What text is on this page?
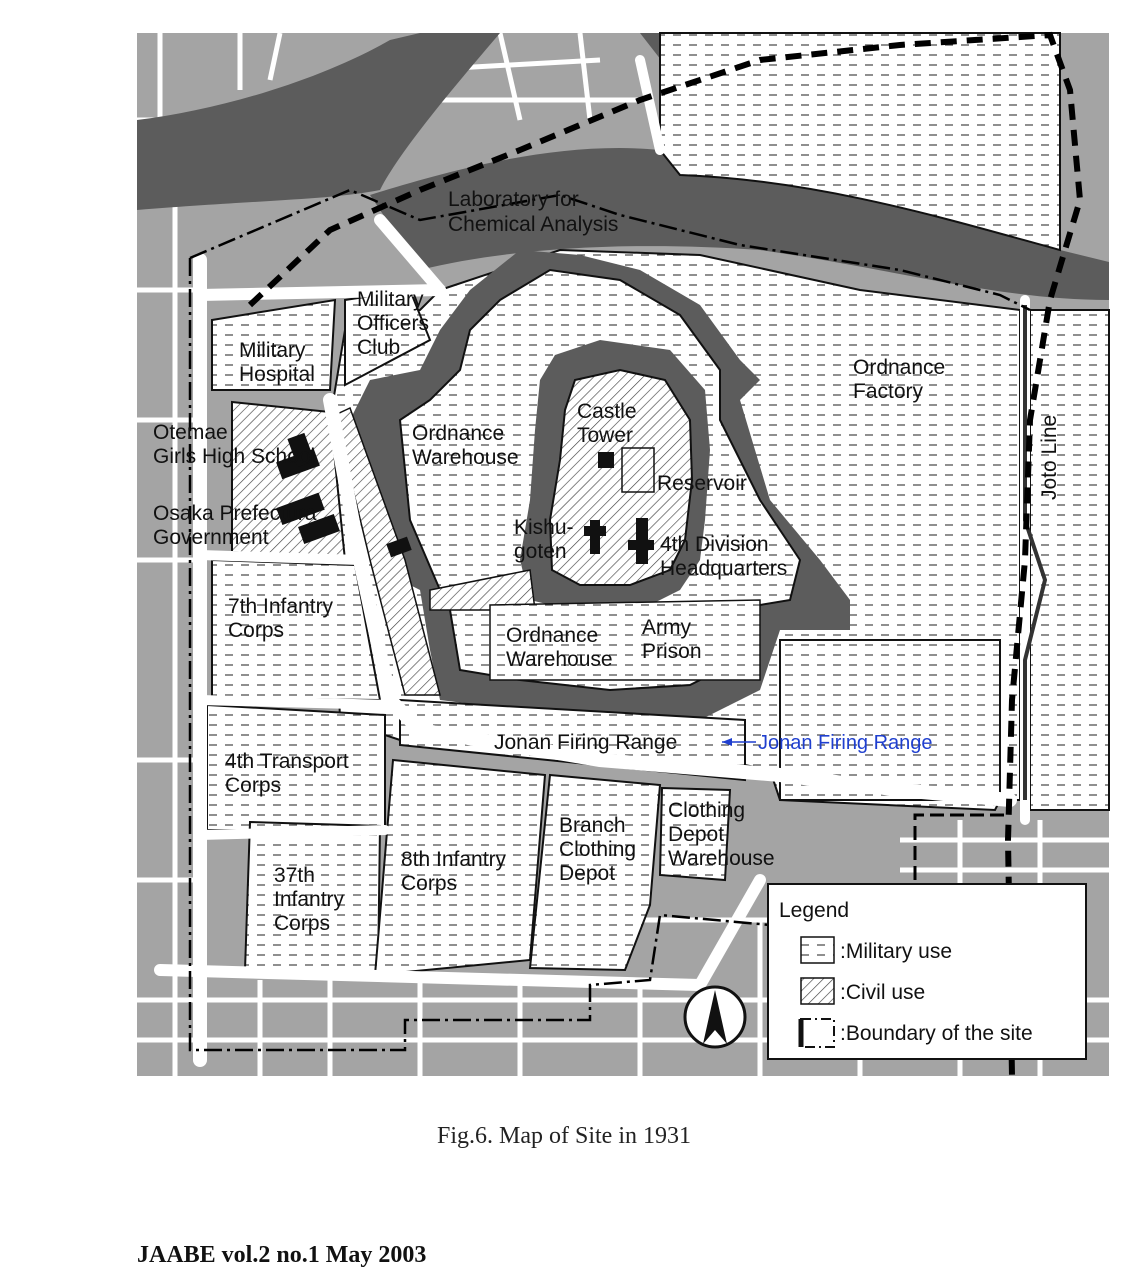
Laboratory for
Chemical Analysis
Military
Officers
Club
Military
Hospital
Otemae
Girls High School
Osaka Prefectura
Government
Ordnance
Warehouse
Castle
Tower
Reservoir
Kishu-
goten	4th Division
Headquarters
Ordnance
Factory
Joto Line
7th Infantry
Corps	Ordnance
Warehouse
Army
Prison
Jonan Firing Range
4th Transport
Corps
37th
Infantry
Corps
8th Infantry
Corps
Branch
Clothing
Depot
Clothing
Depot
Warehouse
Jonan Firing Range
Legend
:Military use
:Civil use
:Boundary of the site
Fig.6. Map of Site in 1931
JAABE vol.2 no.1 May 2003
